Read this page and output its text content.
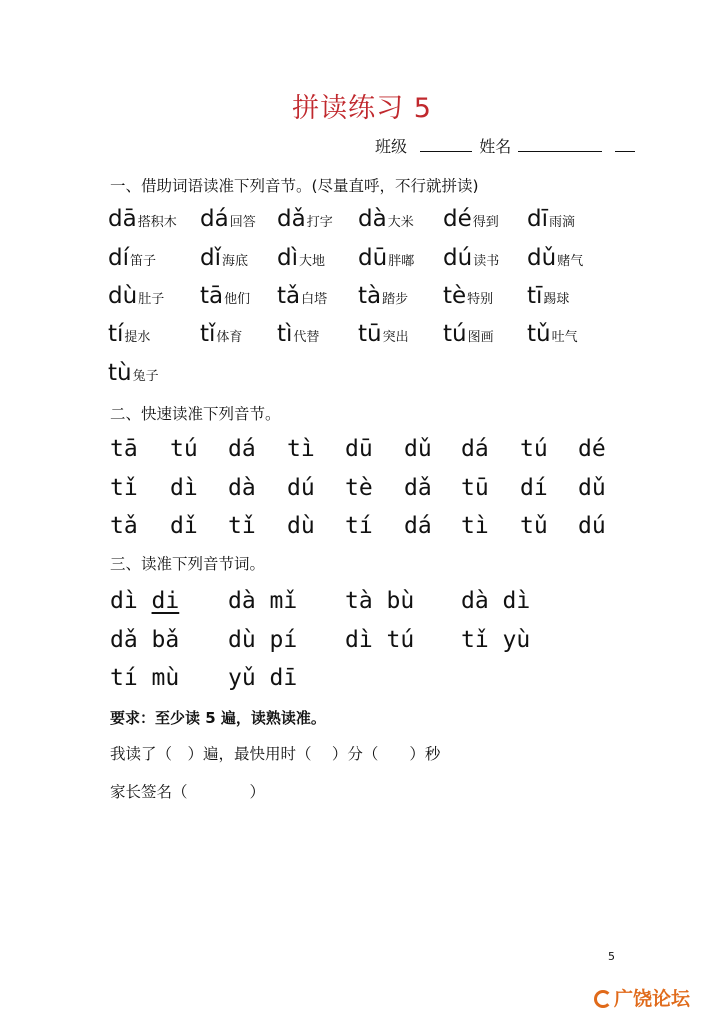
拼读练习 5
班级	姓名
一、借助词语读准下列音节。(尽量直呼，不行就拼读)
dā搭积木 dá回答 dǎ打字 dà大米 dé得到 dī雨滴
dí笛子 dǐ海底 dì大地 dū胖嘟 dú读书 dǔ赌气
dù肚子 tā他们 tǎ白塔 tà踏步 tè特别 tī踢球
tí提水 tǐ体育 tì代替 tū突出 tú图画 tǔ吐气
tù兔子
二、快速读准下列音节。
tā tú dá tì dū dǔ dá tú dé
tǐ dì dà dú tè dǎ tū dí dǔ
tǎ dǐ tǐ dù tí dá tì tǔ dú
三、读准下列音节词。
dì di dà mǐ tà bù dà dì
dǎ bǎ dù pí dì tú tǐ yù
tí mù yǔ dī
要求：至少读 5 遍，读熟读准。
我读了（　）遍，最快用时（　 ）分（　　）秒
家长签名（　　　　）
5
广饶论坛
